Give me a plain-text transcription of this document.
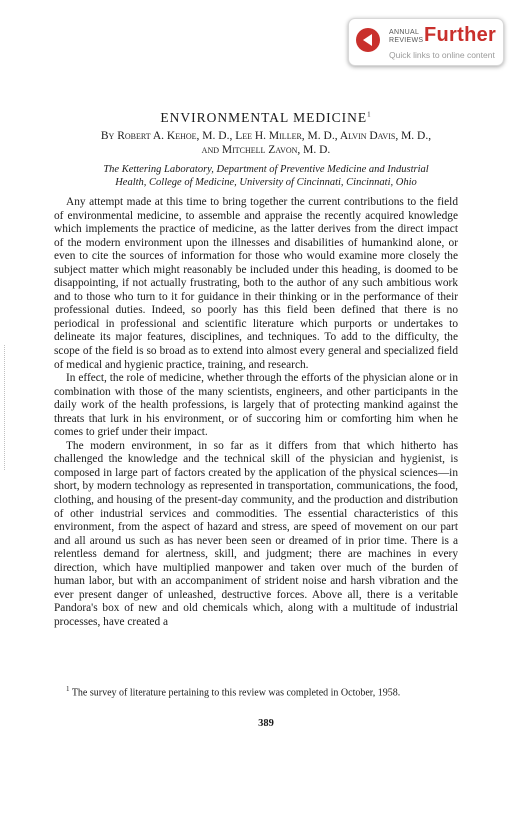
ANNUAL
REVIEWS Further
Quick links to online content
ENVIRONMENTAL MEDICINE$^1$
By Robert A. Kehoe, M. D., Lee H. Miller, M. D., Alvin Davis, M. D.,
and Mitchell Zavon, M. D.
The Kettering Laboratory, Department of Preventive Medicine and Industrial
Health, College of Medicine, University of Cincinnati, Cincinnati, Ohio

Any attempt made at this time to bring together the current contributions to the field of environmental medicine, to assemble and appraise the recently acquired knowledge which implements the practice of medicine, as the latter derives from the direct impact of the modern environment upon the illnesses and disabilities of humankind alone, or even to cite the sources of information for those who would examine more closely the subject matter which might reasonably be included under this heading, is doomed to be disappointing, if not actually frustrating, both to the author of any such ambitious work and to those who turn to it for guidance in their thinking or in the performance of their professional duties. Indeed, so poorly has this field been defined that there is no periodical in professional and scientific literature which purports or undertakes to delineate its major features, disciplines, and techniques. To add to the difficulty, the scope of the field is so broad as to extend into almost every general and specialized field of medical and hygienic practice, training, and research.

In effect, the role of medicine, whether through the efforts of the physician alone or in combination with those of the many scientists, engineers, and other participants in the daily work of the health professions, is largely that of protecting mankind against the threats that lurk in his environment, or of succoring him or comforting him when he comes to grief under their impact.

The modern environment, in so far as it differs from that which hitherto has challenged the knowledge and the technical skill of the physician and hygienist, is composed in large part of factors created by the application of the physical sciences—in short, by modern technology as represented in transportation, communications, the food, clothing, and housing of the present-day community, and the production and distribution of other industrial services and commodities. The essential characteristics of this environment, from the aspect of hazard and stress, are speed of movement on our part and all around us such as has never been seen or dreamed of in prior time. There is a relentless demand for alertness, skill, and judgment; there are machines in every direction, which have multiplied manpower and taken over much of the burden of human labor, but with an accompaniment of strident noise and harsh vibration and the ever present danger of unleashed, destructive forces. Above all, there is a veritable Pandora's box of new and old chemicals which, along with a multitude of industrial processes, have created a

$^1$ The survey of literature pertaining to this review was completed in October, 1958.

389
